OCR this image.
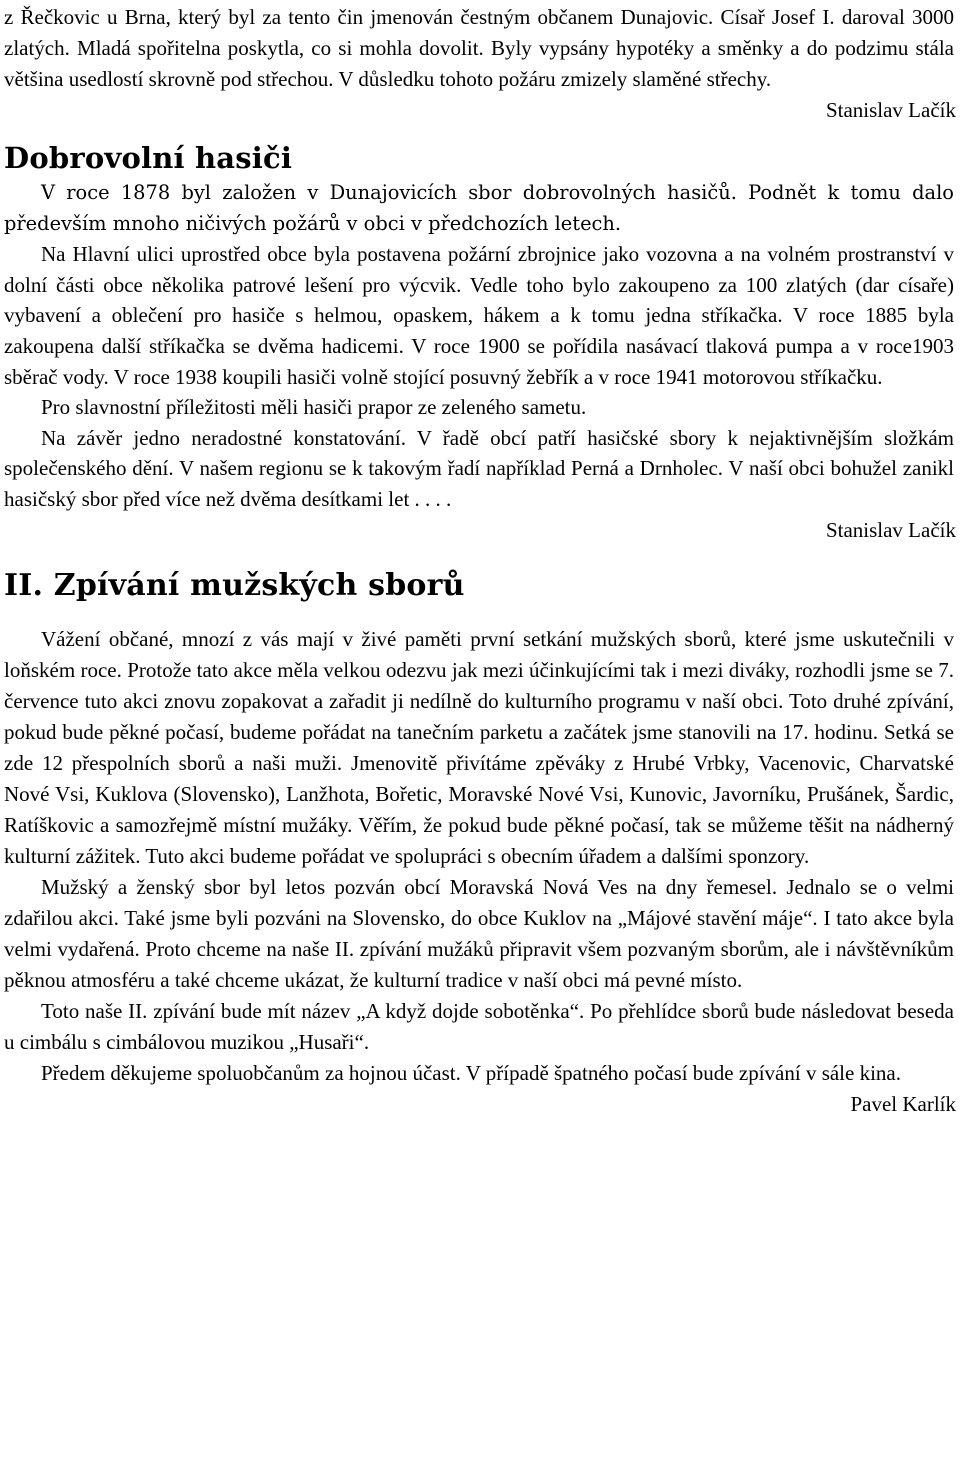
z Řečkovic u Brna, který byl za tento čin jmenován čestným občanem Dunajovic. Císař Josef I. daroval 3000 zlatých. Mladá spořitelna poskytla, co si mohla dovolit. Byly vypsány hypotéky a směnky a do podzimu stála většina usedlostí skrovně pod střechou. V důsledku tohoto požáru zmizely slaměné střechy.

Stanislav Lačík

Dobrovolní hasiči

V roce 1878 byl založen v Dunajovicích sbor dobrovolných hasičů. Podnět k tomu dalo především mnoho ničivých požárů v obci v předchozích letech.

Na Hlavní ulici uprostřed obce byla postavena požární zbrojnice jako vozovna a na volném prostranství v dolní části obce několika patrové lešení pro výcvik. Vedle toho bylo zakoupeno za 100 zlatých (dar císaře) vybavení a oblečení pro hasiče s helmou, opaskem, hákem a k tomu jedna stříkačka. V roce 1885 byla zakoupena další stříkačka se dvěma hadicemi. V roce 1900 se pořídila nasávací tlaková pumpa a v roce1903 sběrač vody. V roce 1938 koupili hasiči volně stojící posuvný žebřík a v roce 1941 motorovou stříkačku.

Pro slavnostní příležitosti měli hasiči prapor ze zeleného sametu.

Na závěr jedno neradostné konstatování. V řadě obcí patří hasičské sbory k nejaktivnějším složkám společenského dění. V našem regionu se k takovým řadí například Perná a Drnholec. V naší obci bohužel zanikl hasičský sbor před více než dvěma desítkami let . . . .

Stanislav Lačík

II. Zpívání mužských sborů

Vážení občané, mnozí z vás mají v živé paměti první setkání mužských sborů, které jsme uskutečnili v loňském roce. Protože tato akce měla velkou odezvu jak mezi účinkujícími tak i mezi diváky, rozhodli jsme se 7. července tuto akci znovu zopakovat a zařadit ji nedílně do kulturního programu v naší obci. Toto druhé zpívání, pokud bude pěkné počasí, budeme pořádat na tanečním parketu a začátek jsme stanovili na 17. hodinu. Setká se zde 12 přespolních sborů a naši muži. Jmenovitě přivítáme zpěváky z Hrubé Vrbky, Vacenovic, Charvatské Nové Vsi, Kuklova (Slovensko), Lanžhota, Bořetic, Moravské Nové Vsi, Kunovic, Javorníku, Prušánek, Šardic, Ratíškovic a samozřejmě místní mužáky. Věřím, že pokud bude pěkné počasí, tak se můžeme těšit na nádherný kulturní zážitek. Tuto akci budeme pořádat ve spolupráci s obecním úřadem a dalšími sponzory.

Mužský a ženský sbor byl letos pozván obcí Moravská Nová Ves na dny řemesel. Jednalo se o velmi zdařilou akci. Také jsme byli pozváni na Slovensko, do obce Kuklov na „Májové stavění máje“. I tato akce byla velmi vydařená. Proto chceme na naše II. zpívání mužáků připravit všem pozvaným sborům, ale i návštěvníkům pěknou atmosféru a také chceme ukázat, že kulturní tradice v naší obci má pevné místo.

Toto naše II. zpívání bude mít název „A když dojde sobotěnka“. Po přehlídce sborů bude následovat beseda u cimbálu s cimbálovou muzikou „Husaři“.

Předem děkujeme spoluobčanům za hojnou účast. V případě špatného počasí bude zpívání v sále kina.

Pavel Karlík
